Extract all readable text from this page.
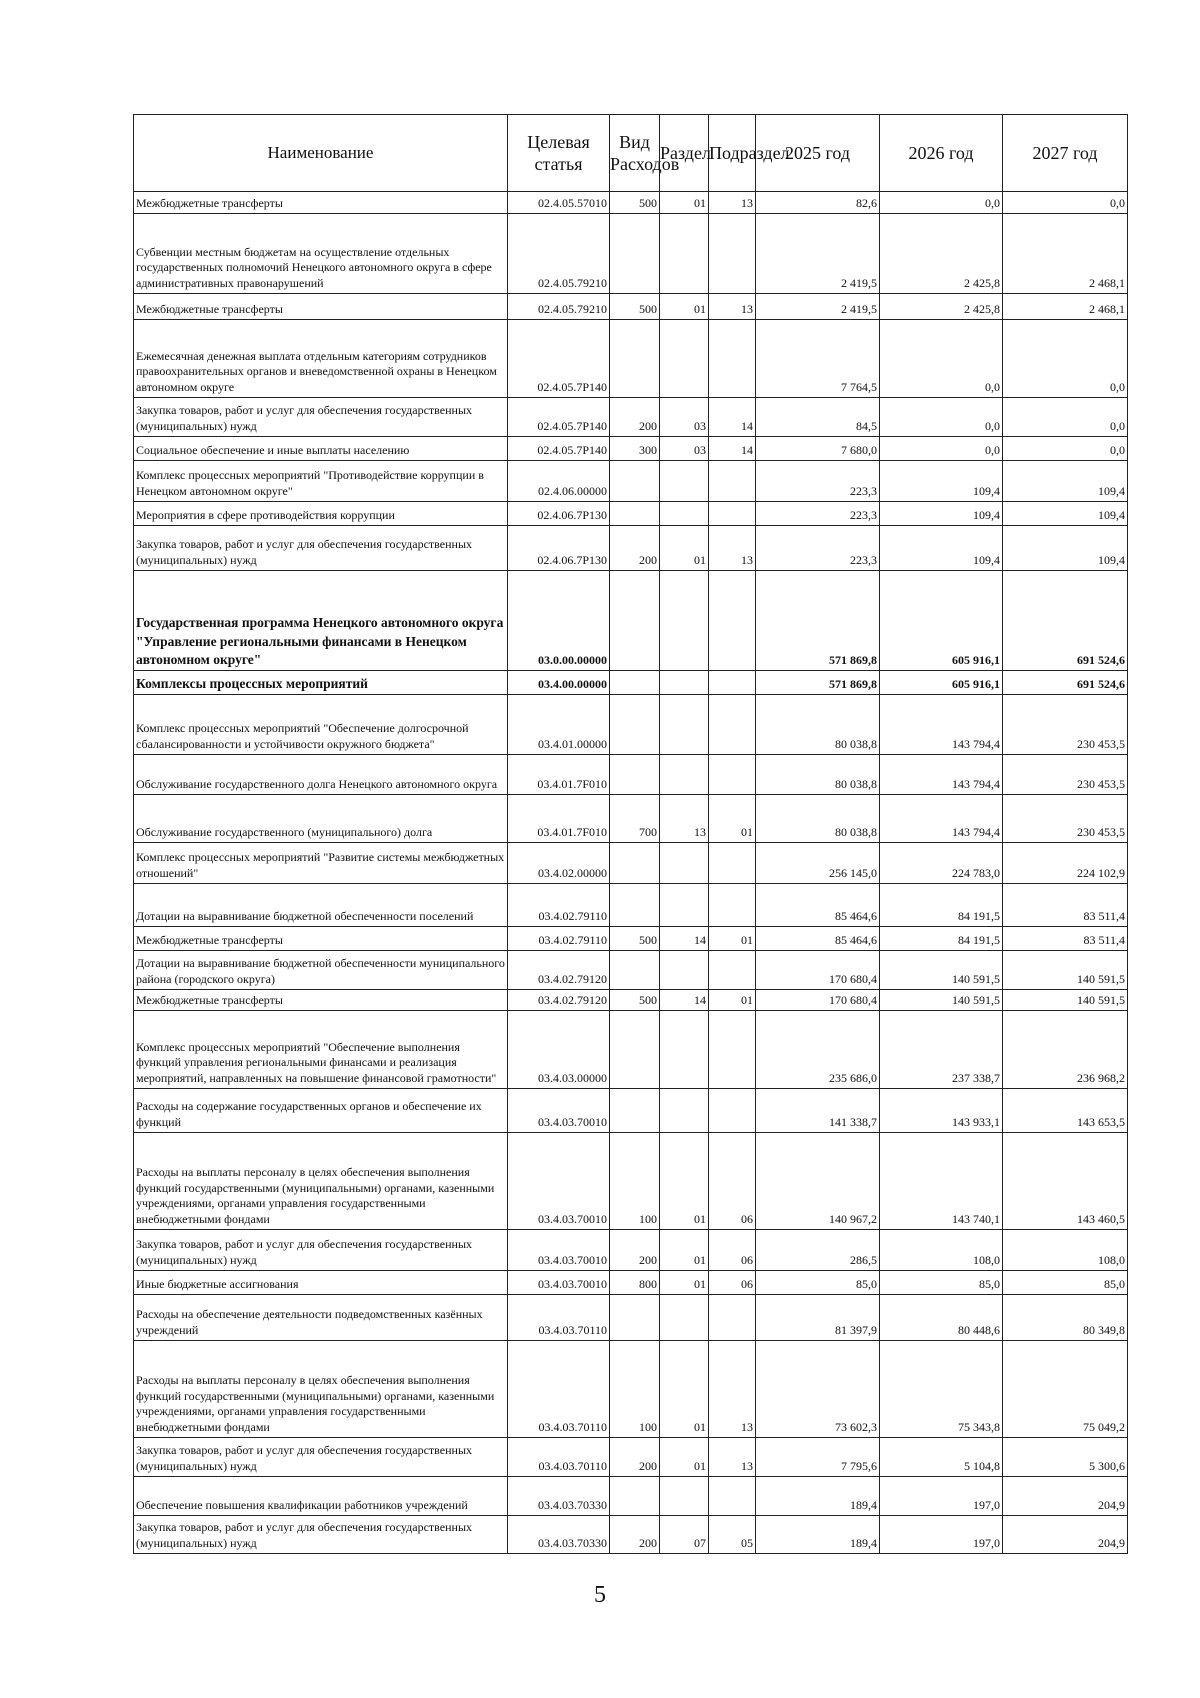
Наименование	Целевая статья	Вид Расходов	Раздел	Подраздел	2025 год	2026 год	2027 год
Межбюджетные трансферты	02.4.05.57010	500	01	13	82,6	0,0	0,0
Субвенции местным бюджетам на осуществление отдельных государственных полномочий Ненецкого автономного округа в сфере административных правонарушений	02.4.05.79210				2 419,5	2 425,8	2 468,1
Межбюджетные трансферты	02.4.05.79210	500	01	13	2 419,5	2 425,8	2 468,1
Ежемесячная денежная выплата отдельным категориям сотрудников правоохранительных органов и вневедомственной охраны в Ненецком автономном округе	02.4.05.7Р140				7 764,5	0,0	0,0
Закупка товаров, работ и услуг для обеспечения государственных (муниципальных) нужд	02.4.05.7Р140	200	03	14	84,5	0,0	0,0
Социальное обеспечение и иные выплаты населению	02.4.05.7Р140	300	03	14	7 680,0	0,0	0,0
Комплекс процессных мероприятий "Противодействие коррупции в Ненецком автономном округе"	02.4.06.00000				223,3	109,4	109,4
Мероприятия в сфере противодействия коррупции	02.4.06.7Р130				223,3	109,4	109,4
Закупка товаров, работ и услуг для обеспечения государственных (муниципальных) нужд	02.4.06.7Р130	200	01	13	223,3	109,4	109,4
Государственная программа Ненецкого автономного округа "Управление региональными финансами в Ненецком автономном округе"	03.0.00.00000				571 869,8	605 916,1	691 524,6
Комплексы процессных мероприятий	03.4.00.00000				571 869,8	605 916,1	691 524,6
Комплекс процессных мероприятий "Обеспечение долгосрочной сбалансированности и устойчивости окружного бюджета"	03.4.01.00000				80 038,8	143 794,4	230 453,5
Обслуживание государственного долга Ненецкого автономного округа	03.4.01.7F010				80 038,8	143 794,4	230 453,5
Обслуживание государственного (муниципального) долга	03.4.01.7F010	700	13	01	80 038,8	143 794,4	230 453,5
Комплекс процессных мероприятий "Развитие системы межбюджетных отношений"	03.4.02.00000				256 145,0	224 783,0	224 102,9
Дотации на выравнивание бюджетной обеспеченности поселений	03.4.02.79110				85 464,6	84 191,5	83 511,4
Межбюджетные трансферты	03.4.02.79110	500	14	01	85 464,6	84 191,5	83 511,4
Дотации на выравнивание бюджетной обеспеченности муниципального района (городского округа)	03.4.02.79120				170 680,4	140 591,5	140 591,5
Межбюджетные трансферты	03.4.02.79120	500	14	01	170 680,4	140 591,5	140 591,5
Комплекс процессных мероприятий "Обеспечение выполнения функций управления региональными финансами и реализация мероприятий, направленных на повышение финансовой грамотности"	03.4.03.00000				235 686,0	237 338,7	236 968,2
Расходы на содержание государственных органов и обеспечение их функций	03.4.03.70010				141 338,7	143 933,1	143 653,5
Расходы на выплаты персоналу в целях обеспечения выполнения функций государственными (муниципальными) органами, казенными учреждениями, органами управления государственными внебюджетными фондами	03.4.03.70010	100	01	06	140 967,2	143 740,1	143 460,5
Закупка товаров, работ и услуг для обеспечения государственных (муниципальных) нужд	03.4.03.70010	200	01	06	286,5	108,0	108,0
Иные бюджетные ассигнования	03.4.03.70010	800	01	06	85,0	85,0	85,0
Расходы на обеспечение деятельности подведомственных казённых учреждений	03.4.03.70110				81 397,9	80 448,6	80 349,8
Расходы на выплаты персоналу в целях обеспечения выполнения функций государственными (муниципальными) органами, казенными учреждениями, органами управления государственными внебюджетными фондами	03.4.03.70110	100	01	13	73 602,3	75 343,8	75 049,2
Закупка товаров, работ и услуг для обеспечения государственных (муниципальных) нужд	03.4.03.70110	200	01	13	7 795,6	5 104,8	5 300,6
Обеспечение повышения квалификации работников учреждений	03.4.03.70330				189,4	197,0	204,9
Закупка товаров, работ и услуг для обеспечения государственных (муниципальных) нужд	03.4.03.70330	200	07	05	189,4	197,0	204,9
5
